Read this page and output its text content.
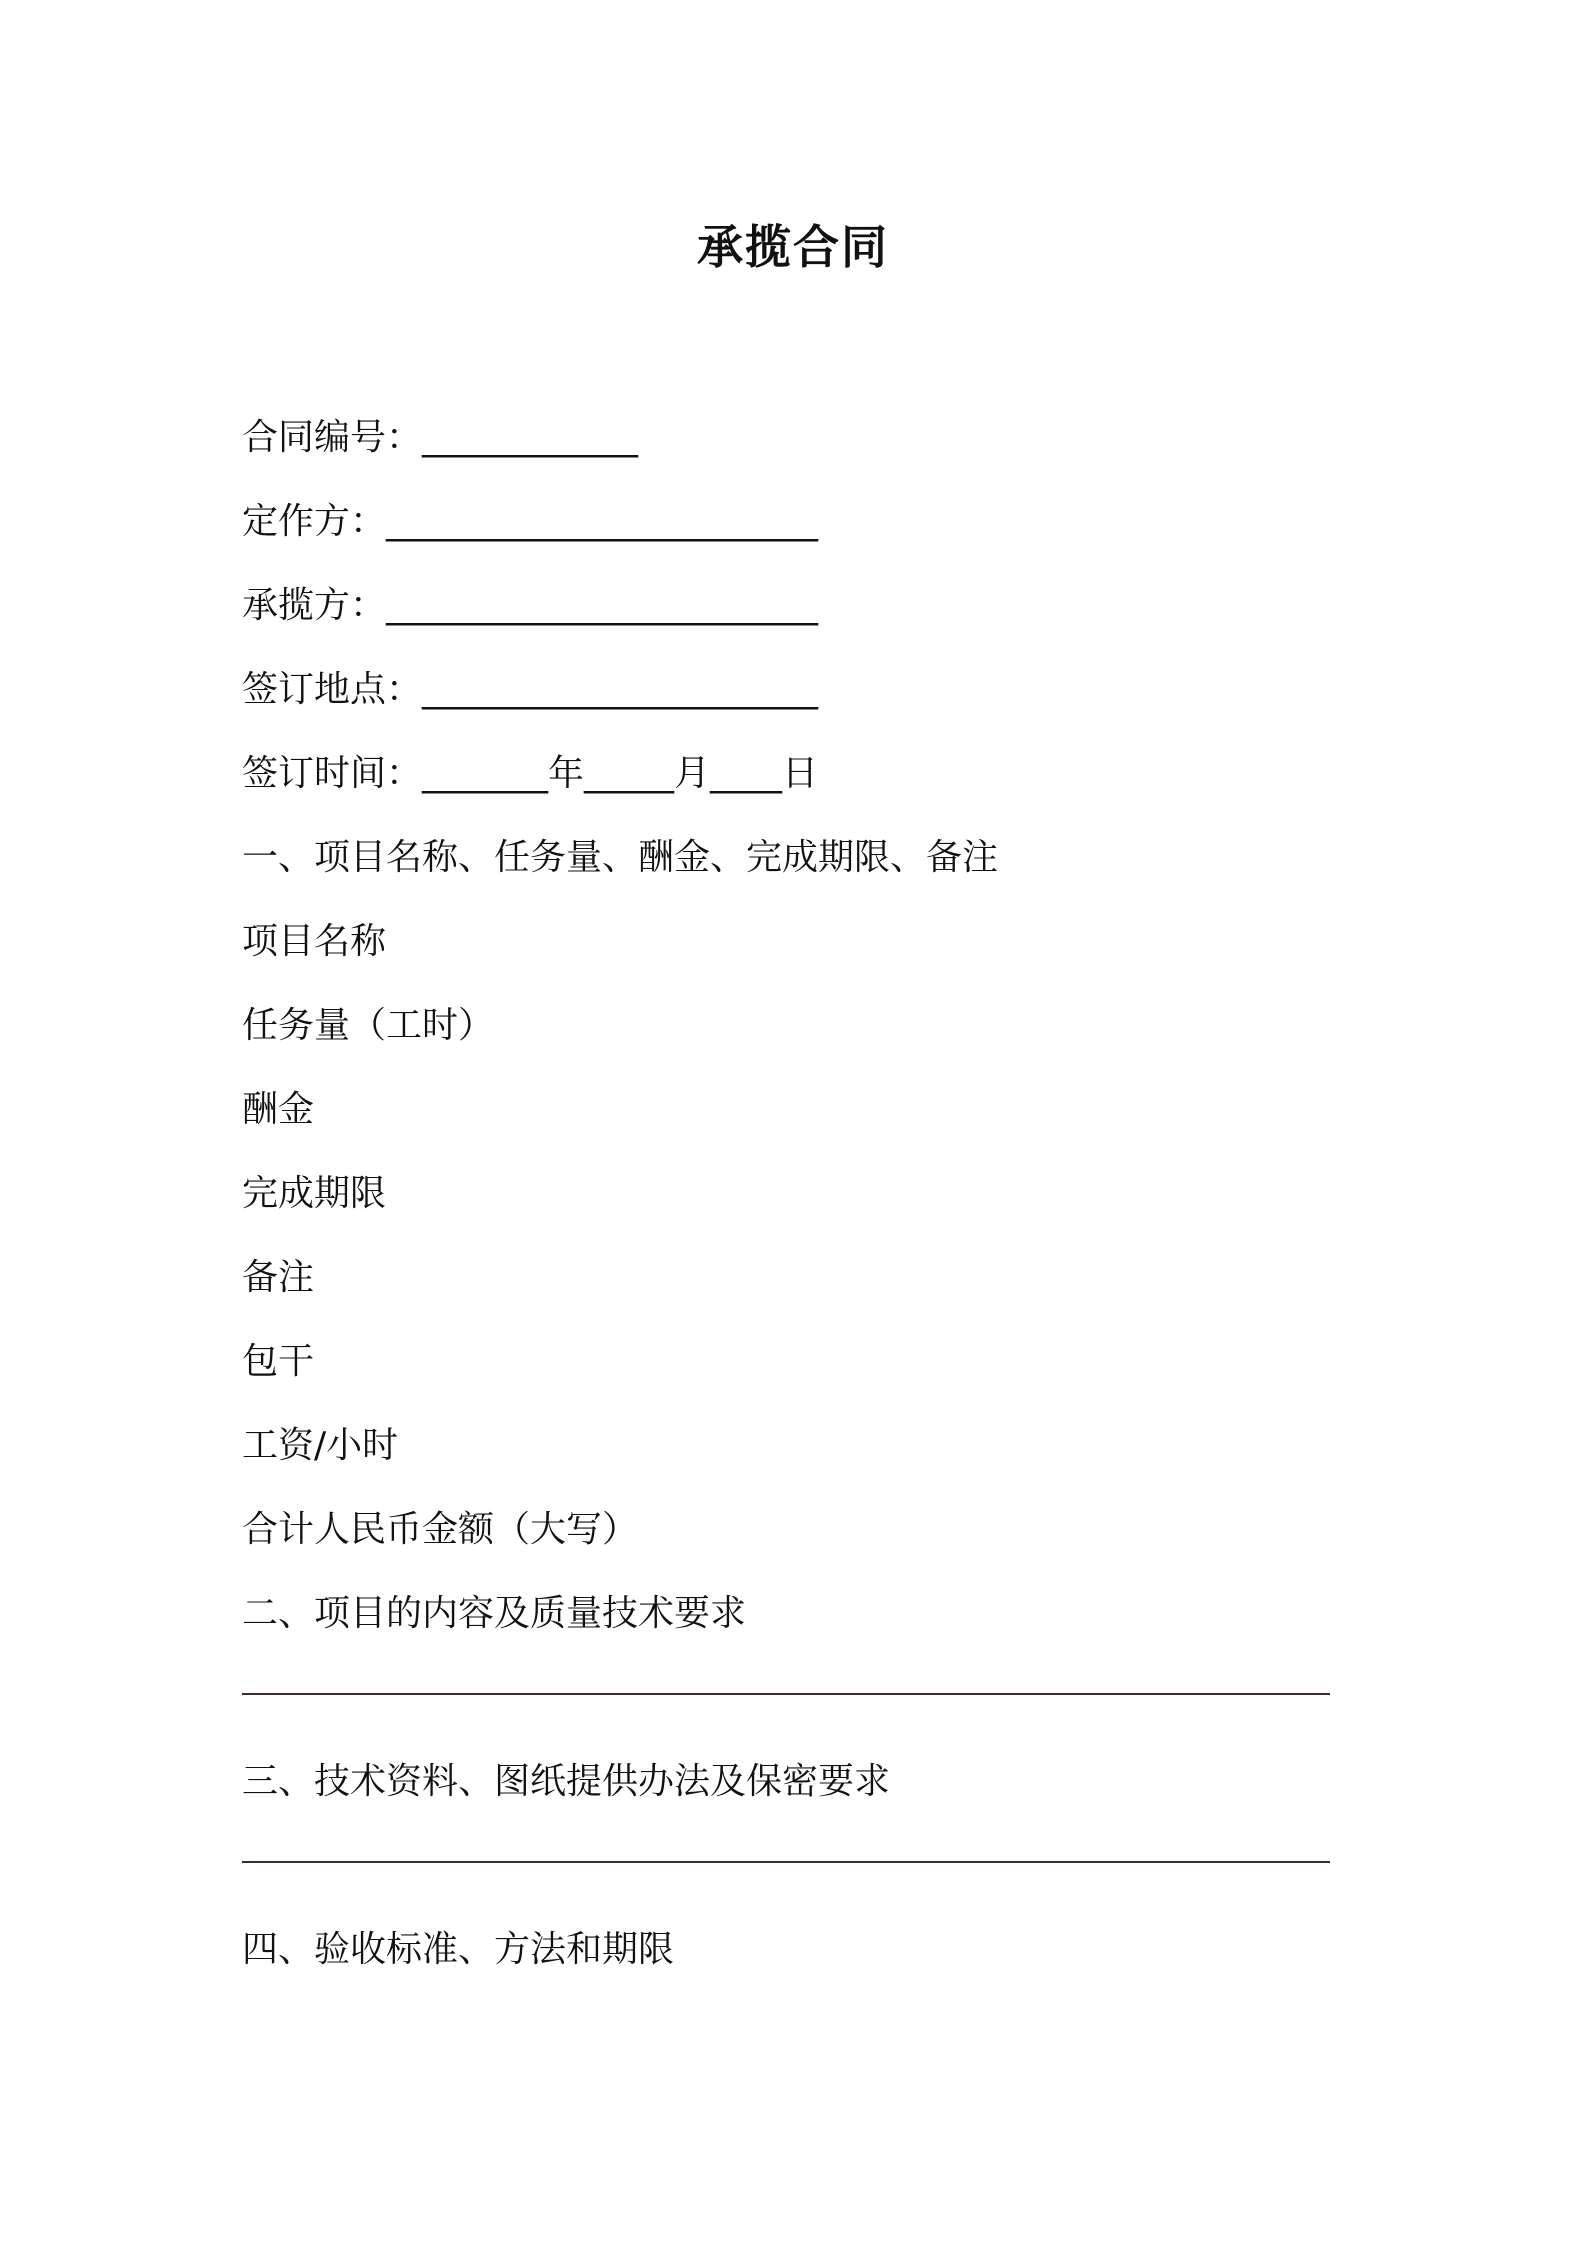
承揽合同
合同编号：____________
定作方：________________________
承揽方：________________________
签订地点：______________________
签订时间：_______年_____月____日
一、项目名称、任务量、酬金、完成期限、备注
项目名称
任务量（工时）
酬金
完成期限
备注
包干
工资/小时
合计人民币金额（大写）
二、项目的内容及质量技术要求
三、技术资料、图纸提供办法及保密要求
四、验收标准、方法和期限
